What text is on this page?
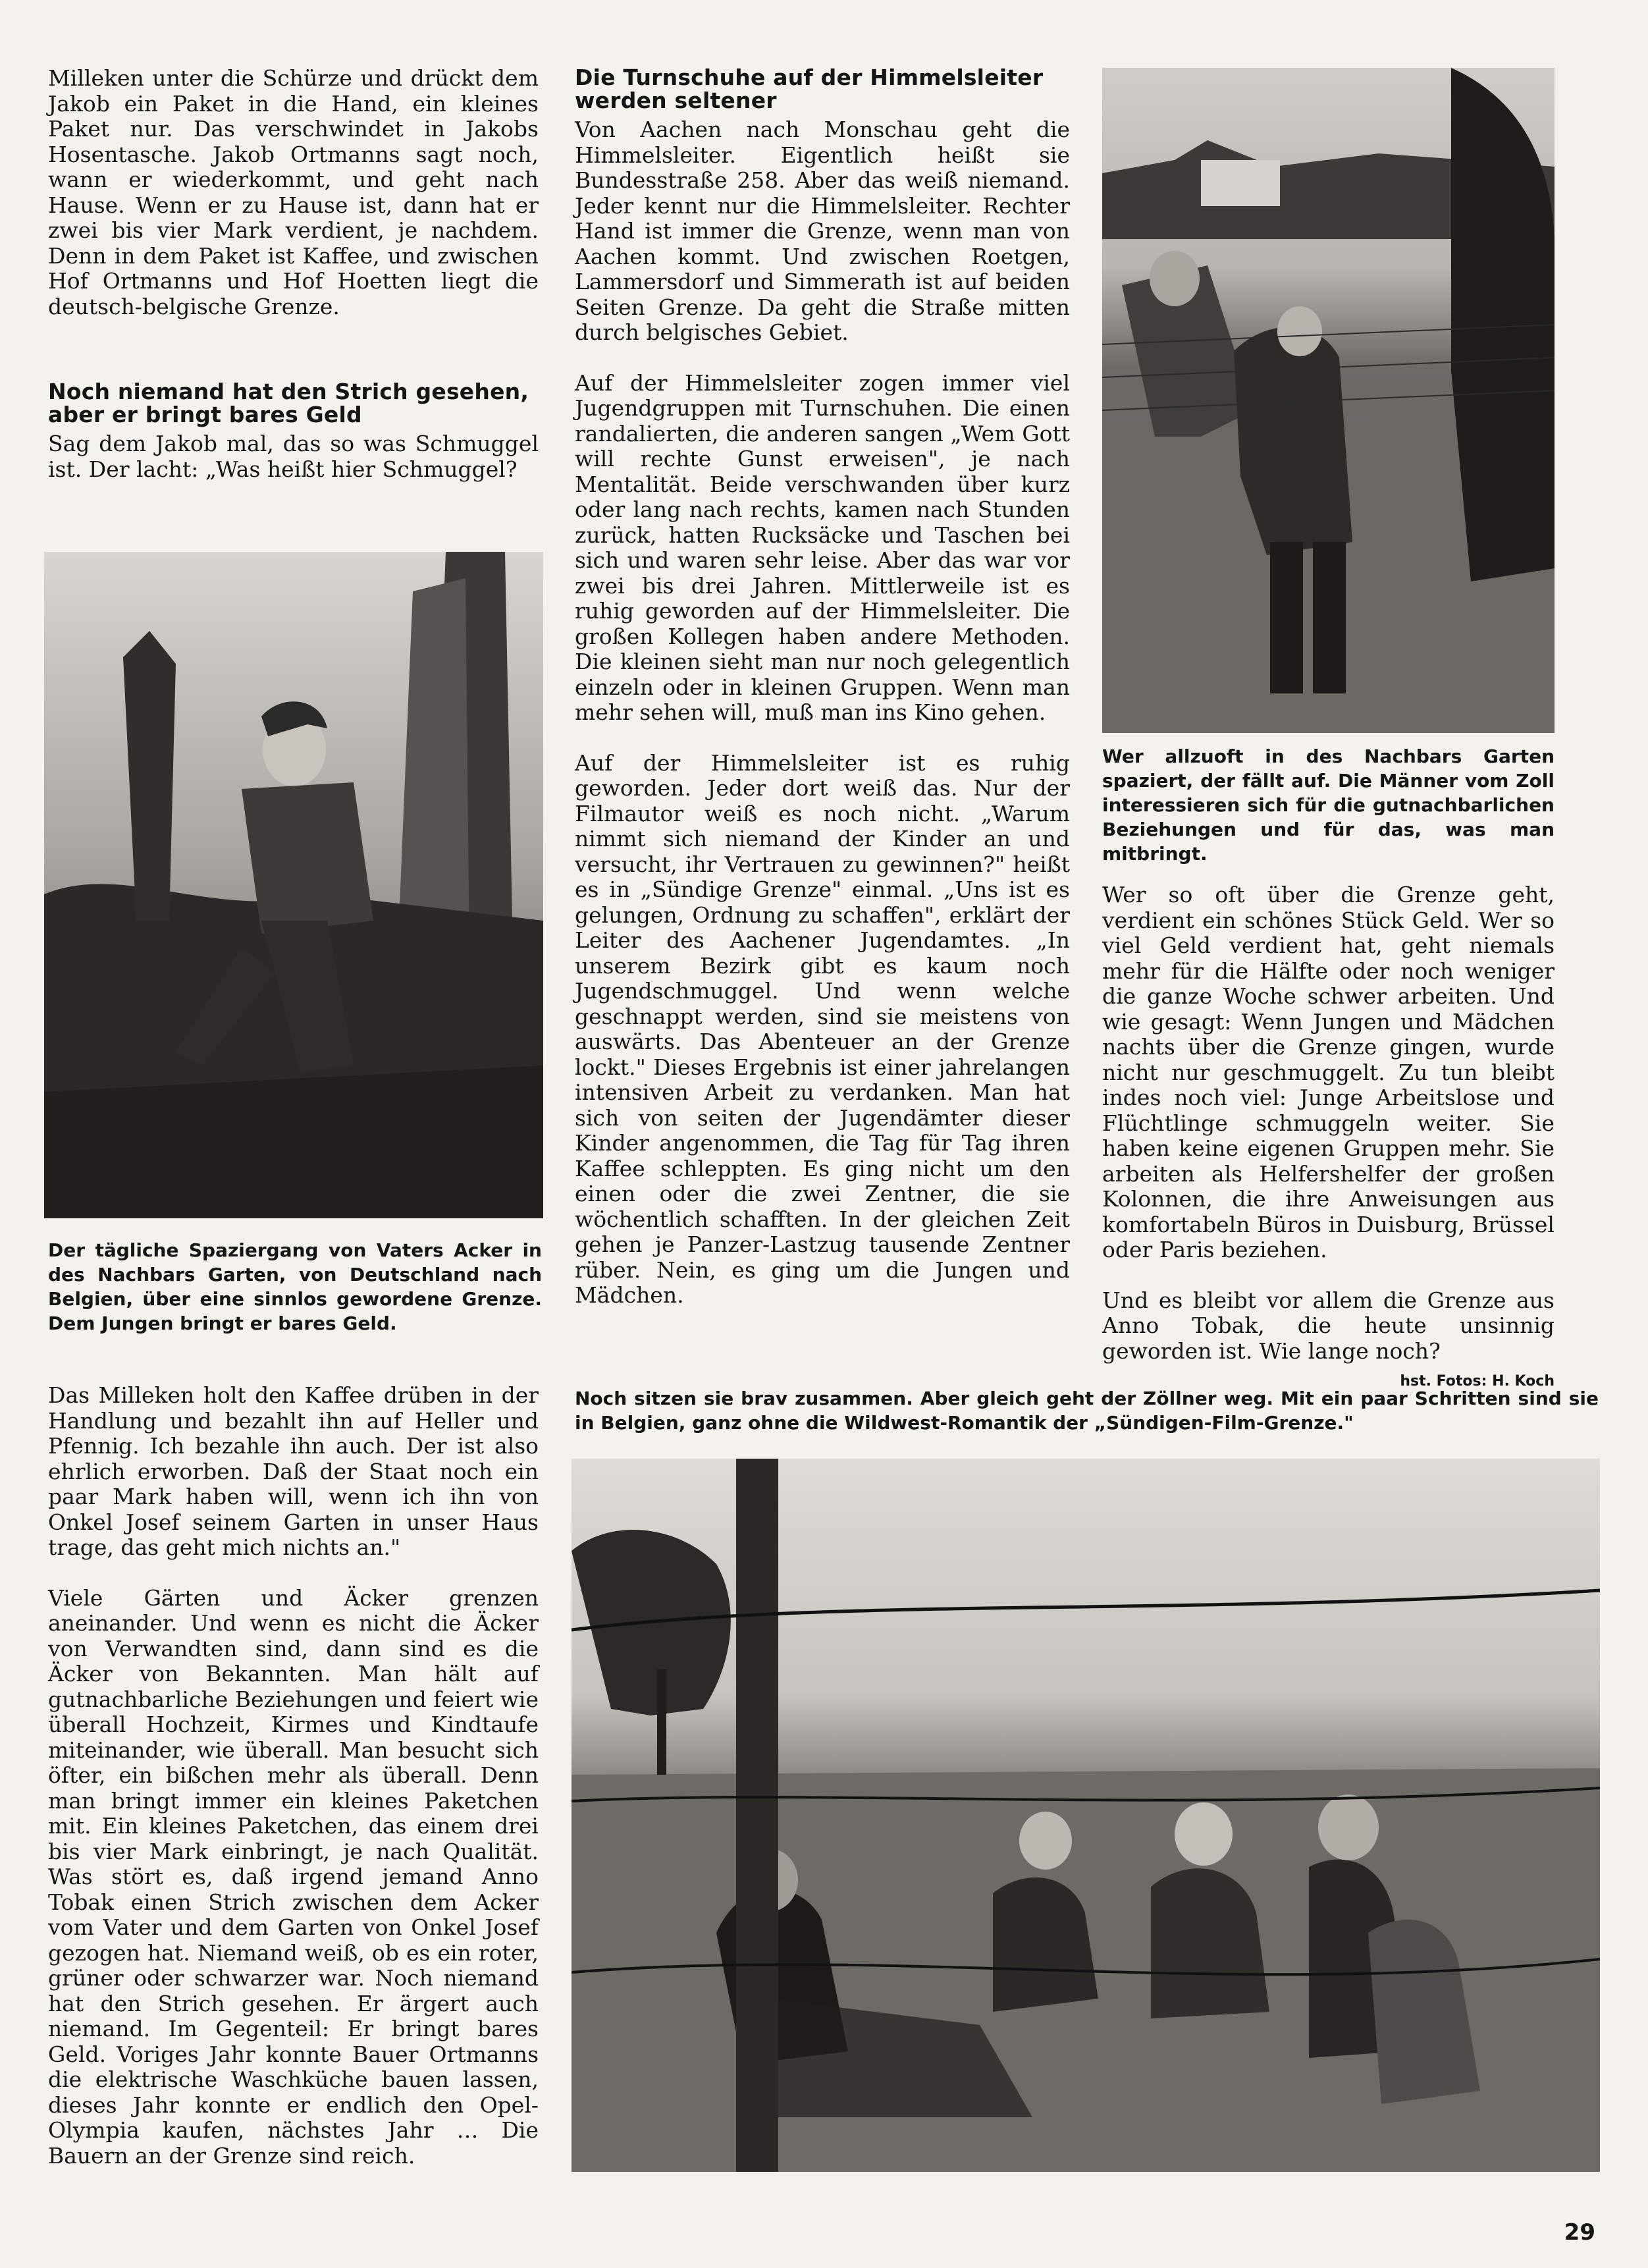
Milleken unter die Schürze und drückt dem Jakob ein Paket in die Hand, ein kleines Paket nur. Das verschwindet in Jakobs Hosentasche. Jakob Ortmanns sagt noch, wann er wiederkommt, und geht nach Hause. Wenn er zu Hause ist, dann hat er zwei bis vier Mark verdient, je nachdem. Denn in dem Paket ist Kaffee, und zwischen Hof Ortmanns und Hof Hoetten liegt die deutsch-belgische Grenze.

Noch niemand hat den Strich gesehen, aber er bringt bares Geld

Sag dem Jakob mal, das so was Schmuggel ist. Der lacht: „Was heißt hier Schmuggel?

Der tägliche Spaziergang von Vaters Acker in des Nachbars Garten, von Deutschland nach Belgien, über eine sinnlos gewordene Grenze. Dem Jungen bringt er bares Geld.

Die Turnschuhe auf der Himmelsleiter werden seltener

Von Aachen nach Monschau geht die Himmelsleiter. Eigentlich heißt sie Bundesstraße 258. Aber das weiß niemand. Jeder kennt nur die Himmelsleiter. Rechter Hand ist immer die Grenze, wenn man von Aachen kommt. Und zwischen Roetgen, Lammersdorf und Simmerath ist auf beiden Seiten Grenze. Da geht die Straße mitten durch belgisches Gebiet.

Auf der Himmelsleiter zogen immer viel Jugendgruppen mit Turnschuhen. Die einen randalierten, die anderen sangen „Wem Gott will rechte Gunst erweisen", je nach Mentalität. Beide verschwanden über kurz oder lang nach rechts, kamen nach Stunden zurück, hatten Rucksäcke und Taschen bei sich und waren sehr leise. Aber das war vor zwei bis drei Jahren. Mittlerweile ist es ruhig geworden auf der Himmelsleiter. Die großen Kollegen haben andere Methoden. Die kleinen sieht man nur noch gelegentlich einzeln oder in kleinen Gruppen. Wenn man mehr sehen will, muß man ins Kino gehen.

Auf der Himmelsleiter ist es ruhig geworden. Jeder dort weiß das. Nur der Filmautor weiß es noch nicht. „Warum nimmt sich niemand der Kinder an und versucht, ihr Vertrauen zu gewinnen?" heißt es in „Sündige Grenze" einmal. „Uns ist es gelungen, Ordnung zu schaffen", erklärt der Leiter des Aachener Jugendamtes. „In unserem Bezirk gibt es kaum noch Jugendschmuggel. Und wenn welche geschnappt werden, sind sie meistens von auswärts. Das Abenteuer an der Grenze lockt." Dieses Ergebnis ist einer jahrelangen intensiven Arbeit zu verdanken. Man hat sich von seiten der Jugendämter dieser Kinder angenommen, die Tag für Tag ihren Kaffee schleppten. Es ging nicht um den einen oder die zwei Zentner, die sie wöchentlich schafften. In der gleichen Zeit gehen je Panzer-Lastzug tausende Zentner rüber. Nein, es ging um die Jungen und Mädchen.

Wer allzuoft in des Nachbars Garten spaziert, der fällt auf. Die Männer vom Zoll interessieren sich für die gutnachbarlichen Beziehungen und für das, was man mitbringt.

Wer so oft über die Grenze geht, verdient ein schönes Stück Geld. Wer so viel Geld verdient hat, geht niemals mehr für die Hälfte oder noch weniger die ganze Woche schwer arbeiten. Und wie gesagt: Wenn Jungen und Mädchen nachts über die Grenze gingen, wurde nicht nur geschmuggelt. Zu tun bleibt indes noch viel: Junge Arbeitslose und Flüchtlinge schmuggeln weiter. Sie haben keine eigenen Gruppen mehr. Sie arbeiten als Helfershelfer der großen Kolonnen, die ihre Anweisungen aus komfortabeln Büros in Duisburg, Brüssel oder Paris beziehen.

Und es bleibt vor allem die Grenze aus Anno Tobak, die heute unsinnig geworden ist. Wie lange noch?
hst. Fotos: H. Koch

Das Milleken holt den Kaffee drüben in der Handlung und bezahlt ihn auf Heller und Pfennig. Ich bezahle ihn auch. Der ist also ehrlich erworben. Daß der Staat noch ein paar Mark haben will, wenn ich ihn von Onkel Josef seinem Garten in unser Haus trage, das geht mich nichts an."

Viele Gärten und Äcker grenzen aneinander. Und wenn es nicht die Äcker von Verwandten sind, dann sind es die Äcker von Bekannten. Man hält auf gutnachbarliche Beziehungen und feiert wie überall Hochzeit, Kirmes und Kindtaufe miteinander, wie überall. Man besucht sich öfter, ein bißchen mehr als überall. Denn man bringt immer ein kleines Paketchen mit. Ein kleines Paketchen, das einem drei bis vier Mark einbringt, je nach Qualität. Was stört es, daß irgend jemand Anno Tobak einen Strich zwischen dem Acker vom Vater und dem Garten von Onkel Josef gezogen hat. Niemand weiß, ob es ein roter, grüner oder schwarzer war. Noch niemand hat den Strich gesehen. Er ärgert auch niemand. Im Gegenteil: Er bringt bares Geld. Voriges Jahr konnte Bauer Ortmanns die elektrische Waschküche bauen lassen, dieses Jahr konnte er endlich den Opel-Olympia kaufen, nächstes Jahr … Die Bauern an der Grenze sind reich.

Noch sitzen sie brav zusammen. Aber gleich geht der Zöllner weg. Mit ein paar Schritten sind sie in Belgien, ganz ohne die Wildwest-Romantik der „Sündigen-Film-Grenze."

29
